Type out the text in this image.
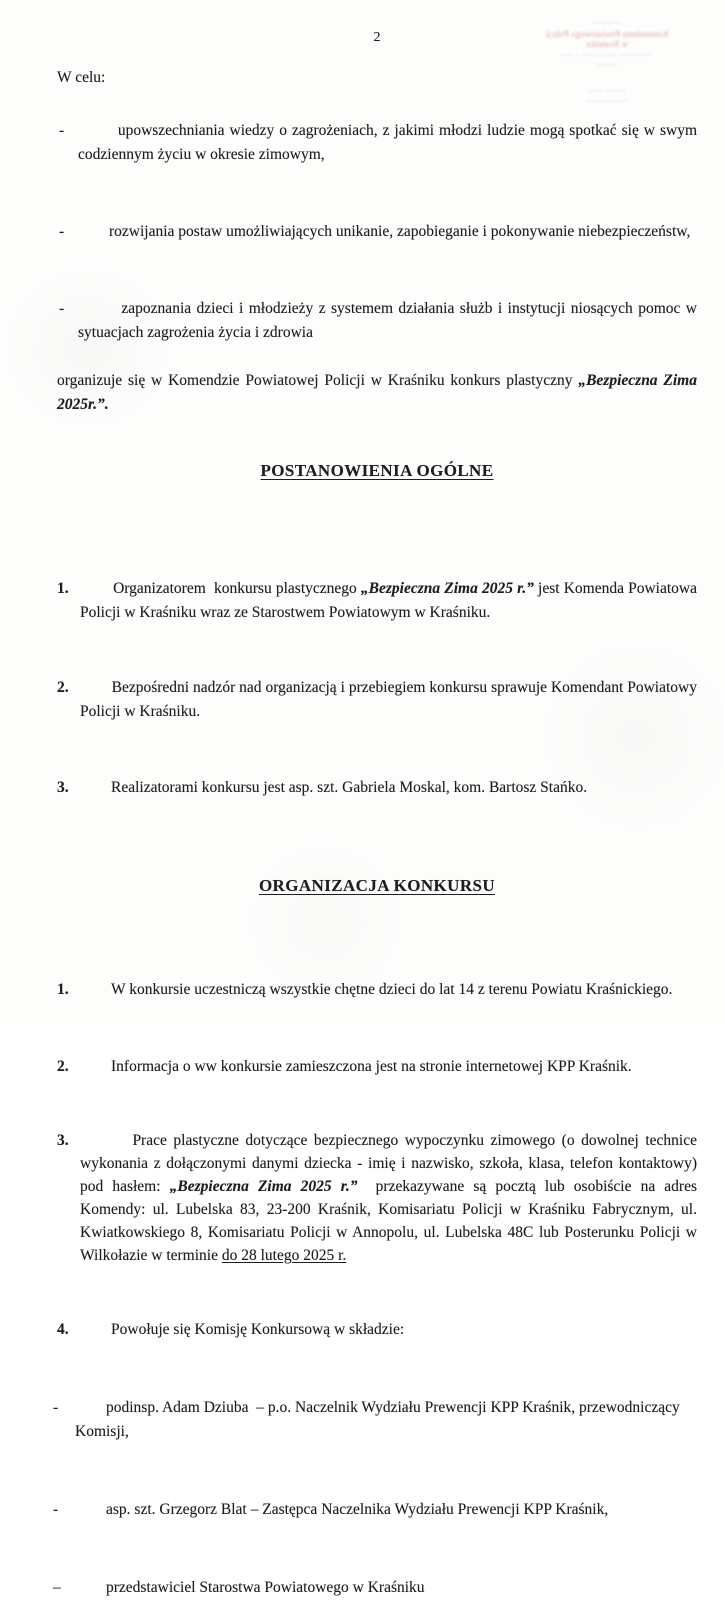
··········
Komendanta Powiatowego Policji
w Kraśniku
··········· ············ · ····
·······
······· ·····
··············
2

W celu:

-	upowszechniania wiedzy o zagrożeniach, z jakimi młodzi ludzie mogą spotkać się w swym codziennym życiu w okresie zimowym,

-	rozwijania postaw umożliwiających unikanie, zapobieganie i pokonywanie niebezpieczeństw,

-	zapoznania dzieci i młodzieży z systemem działania służb i instytucji niosących pomoc w sytuacjach zagrożenia życia i zdrowia

organizuje się w Komendzie Powiatowej Policji w Kraśniku konkurs plastyczny „Bezpieczna Zima 2025r.”.

POSTANOWIENIA OGÓLNE

1.	Organizatorem  konkursu plastycznego „Bezpieczna Zima 2025 r.” jest Komenda Powiatowa Policji w Kraśniku wraz ze Starostwem Powiatowym w Kraśniku.

2.	Bezpośredni nadzór nad organizacją i przebiegiem konkursu sprawuje Komendant Powiatowy Policji w Kraśniku.

3.	Realizatorami konkursu jest asp. szt. Gabriela Moskal, kom. Bartosz Stańko.

ORGANIZACJA KONKURSU

1.	W konkursie uczestniczą wszystkie chętne dzieci do lat 14 z terenu Powiatu Kraśnickiego.

2.	Informacja o ww konkursie zamieszczona jest na stronie internetowej KPP Kraśnik.

3.	Prace plastyczne dotyczące bezpiecznego wypoczynku zimowego (o dowolnej technice wykonania z dołączonymi danymi dziecka - imię i nazwisko, szkoła, klasa, telefon kontaktowy) pod hasłem: „Bezpieczna Zima 2025 r.”  przekazywane są pocztą lub osobiście na adres Komendy: ul. Lubelska 83, 23-200 Kraśnik, Komisariatu Policji w Kraśniku Fabrycznym, ul. Kwiatkowskiego 8, Komisariatu Policji w Annopolu, ul. Lubelska 48C lub Posterunku Policji w Wilkołazie w terminie do 28 lutego 2025 r.

4.	Powołuje się Komisję Konkursową w składzie:

-	podinsp. Adam Dziuba  – p.o. Naczelnik Wydziału Prewencji KPP Kraśnik, przewodniczący Komisji,

-	asp. szt. Grzegorz Blat – Zastępca Naczelnika Wydziału Prewencji KPP Kraśnik,

–	przedstawiciel Starostwa Powiatowego w Kraśniku
